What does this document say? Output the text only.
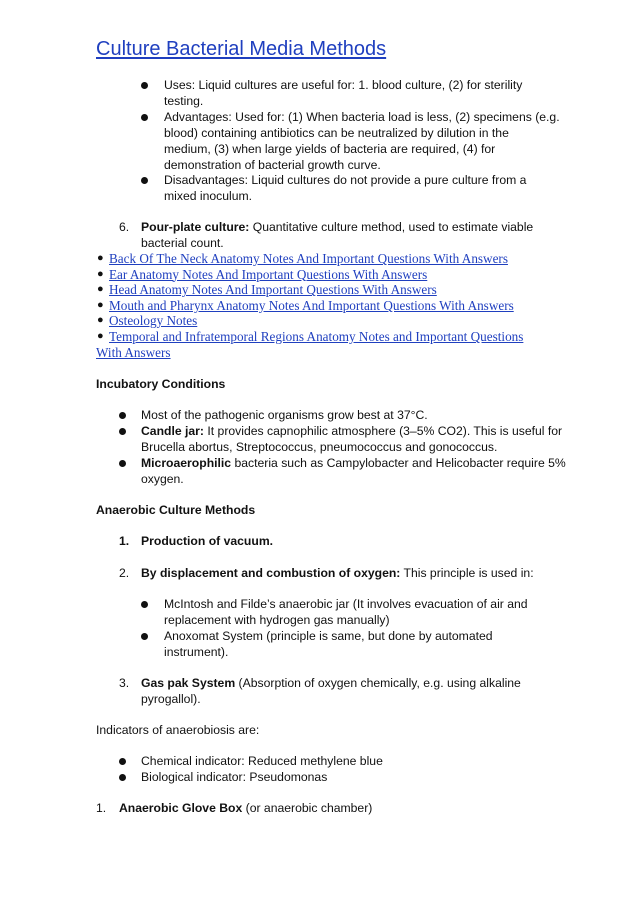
Culture Bacterial Media Methods
Uses: Liquid cultures are useful for: 1. blood culture, (2) for sterility
testing.
Advantages: Used for: (1) When bacteria load is less, (2) specimens (e.g.
blood) containing antibiotics can be neutralized by dilution in the
medium, (3) when large yields of bacteria are required, (4) for
demonstration of bacterial growth curve.
Disadvantages: Liquid cultures do not provide a pure culture from a
mixed inoculum.
6. Pour-plate culture: Quantitative culture method, used to estimate viable
bacterial count.
● Back Of The Neck Anatomy Notes And Important Questions With Answers
● Ear Anatomy Notes And Important Questions With Answers
● Head Anatomy Notes And Important Questions With Answers
● Mouth and Pharynx Anatomy Notes And Important Questions With Answers
● Osteology Notes
● Temporal and Infratemporal Regions Anatomy Notes and Important Questions
With Answers
Incubatory Conditions
Most of the pathogenic organisms grow best at 37°C.
Candle jar: It provides capnophilic atmosphere (3–5% CO2). This is useful for
Brucella abortus, Streptococcus, pneumococcus and gonococcus.
Microaerophilic bacteria such as Campylobacter and Helicobacter require 5%
oxygen.
Anaerobic Culture Methods
1. Production of vacuum.
2. By displacement and combustion of oxygen: This principle is used in:
McIntosh and Filde’s anaerobic jar (It involves evacuation of air and
replacement with hydrogen gas manually)
Anoxomat System (principle is same, but done by automated
instrument).
3. Gas pak System (Absorption of oxygen chemically, e.g. using alkaline
pyrogallol).
Indicators of anaerobiosis are:
Chemical indicator: Reduced methylene blue
Biological indicator: Pseudomonas
1. Anaerobic Glove Box (or anaerobic chamber)
